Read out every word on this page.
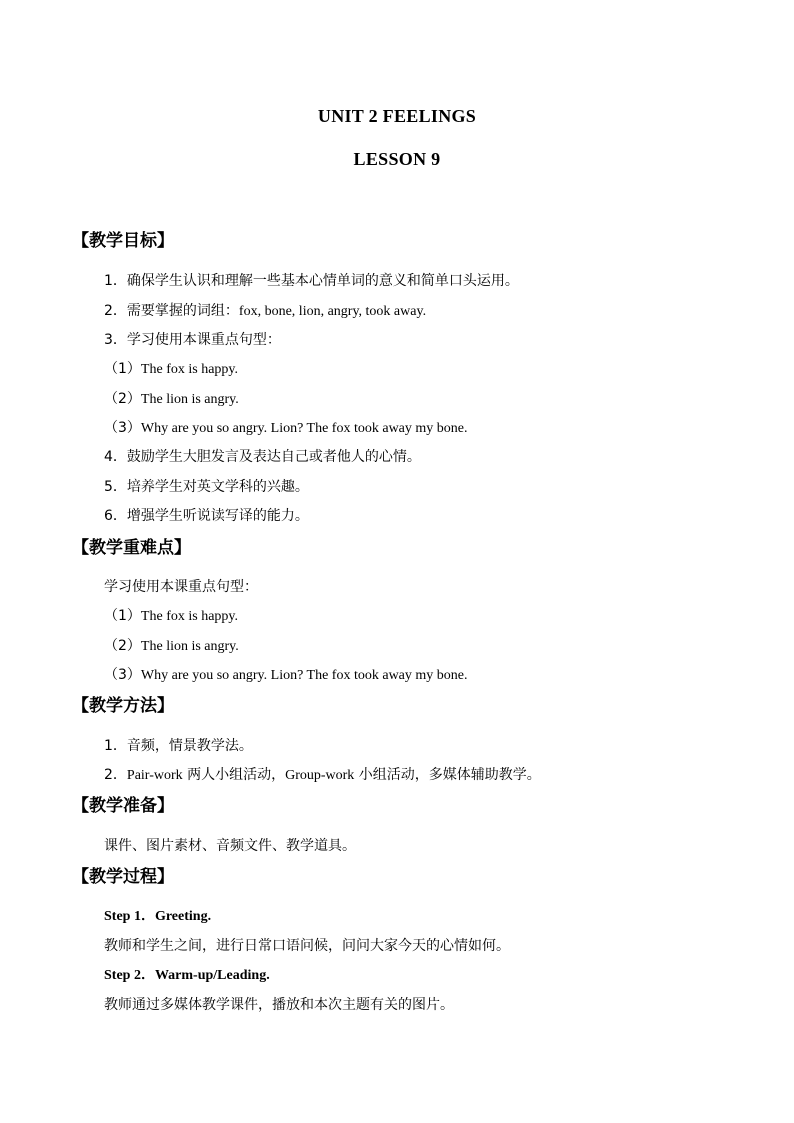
UNIT 2 FEELINGS
LESSON 9
【教学目标】
1．确保学生认识和理解一些基本心情单词的意义和简单口头运用。
2．需要掌握的词组：fox, bone, lion, angry, took away.
3．学习使用本课重点句型：
（1）The fox is happy.
（2）The lion is angry.
（3）Why are you so angry. Lion? The fox took away my bone.
4．鼓励学生大胆发言及表达自己或者他人的心情。
5．培养学生对英文学科的兴趣。
6．增强学生听说读写译的能力。
【教学重难点】
学习使用本课重点句型：
（1）The fox is happy.
（2）The lion is angry.
（3）Why are you so angry. Lion? The fox took away my bone.
【教学方法】
1．音频，情景教学法。
2．Pair-work 两人小组活动，Group-work 小组活动，多媒体辅助教学。
【教学准备】
课件、图片素材、音频文件、教学道具。
【教学过程】
Step 1．Greeting.
教师和学生之间，进行日常口语问候，问问大家今天的心情如何。
Step 2．Warm-up/Leading.
教师通过多媒体教学课件，播放和本次主题有关的图片。
